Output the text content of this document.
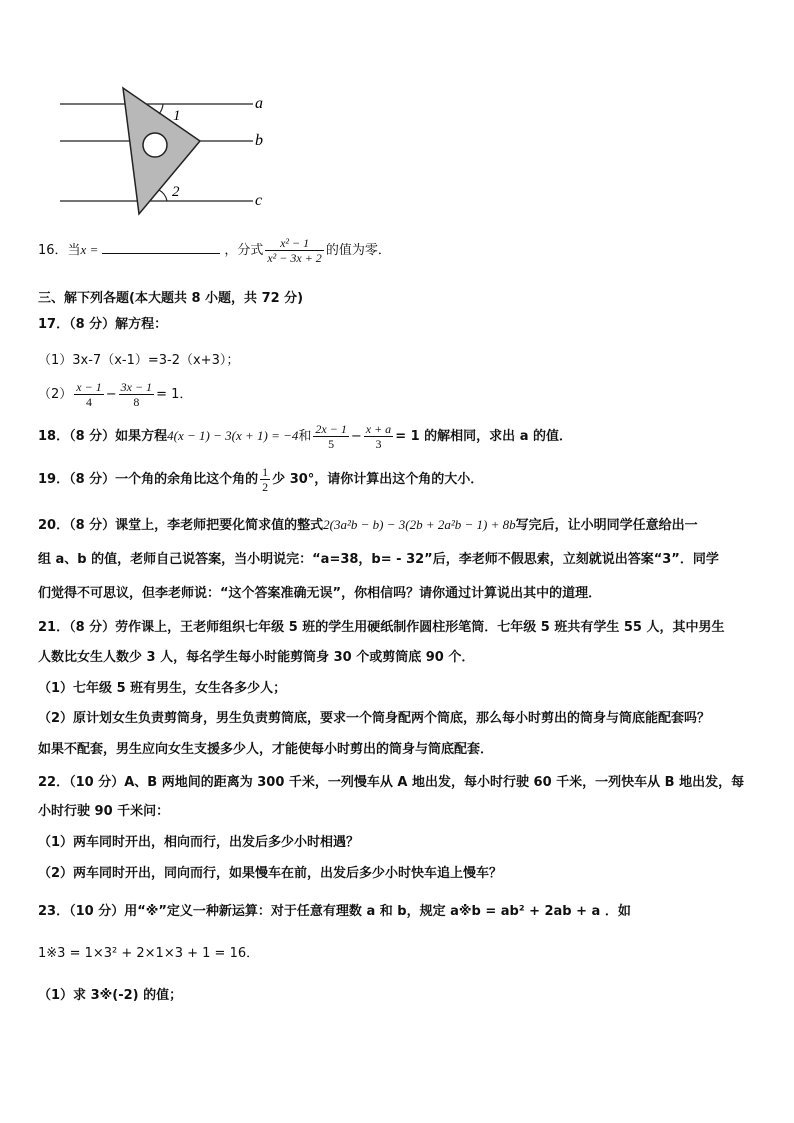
a
b
c
1
2
16．当x =	，分式 $\frac{\text{x² − 1}}{\text{x² − 3x + 2}}$ 的值为零．
三、解下列各题(本大题共 8 小题，共 72 分)
17．（8 分）解方程：
（1）3x-7（x-1）=3-2（x+3）；
$(2) \frac{x - 1}{4} - \frac{3x - 1}{8} = 1$．
18．（8 分）如果方程4(x − 1) − 3(x + 1) = −4和 $\frac{2x - 1}{5} - \frac{x + a}{3} = 1$ 的解相同，求出 a 的值．
19．（8 分）一个角的余角比这个角的 $\frac{1}{2}$ 少 30°，请你计算出这个角的大小．
20．（8 分）课堂上，李老师把要化简求值的整式2(3a²b − b) − 3(2b + 2a²b − 1) + 8b写完后，让小明同学任意给出一
组 a、b 的值，老师自己说答案，当小明说完：“a=38，b= - 32”后，李老师不假思索，立刻就说出答案“3”．同学
们觉得不可思议，但李老师说：“这个答案准确无误”，你相信吗？请你通过计算说出其中的道理．
21．（8 分）劳作课上，王老师组织七年级 5 班的学生用硬纸制作圆柱形笔筒．七年级 5 班共有学生 55 人，其中男生
人数比女生人数少 3 人，每名学生每小时能剪筒身 30 个或剪筒底 90 个．
（1）七年级 5 班有男生，女生各多少人；
（2）原计划女生负责剪筒身，男生负责剪筒底，要求一个筒身配两个筒底，那么每小时剪出的筒身与筒底能配套吗？
如果不配套，男生应向女生支援多少人，才能使每小时剪出的筒身与筒底配套．
22．（10 分）A、B 两地间的距离为 300 千米，一列慢车从 A 地出发，每小时行驶 60 千米，一列快车从 B 地出发，每
小时行驶 90 千米问：
（1）两车同时开出，相向而行，出发后多少小时相遇？
（2）两车同时开出，同向而行，如果慢车在前，出发后多少小时快车追上慢车？
23．（10 分）用“※”定义一种新运算：对于任意有理数 a 和 b，规定 a※b = ab² + 2ab + a ．如
1※3 = 1×3² + 2×1×3 + 1 = 16．
（1）求 3※(-2) 的值；
